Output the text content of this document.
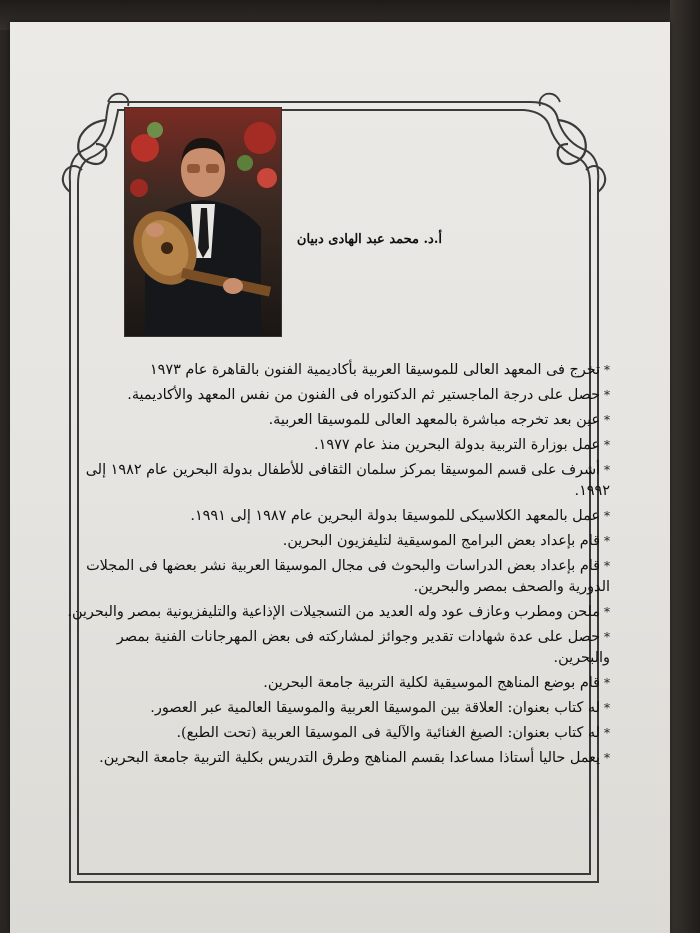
أ.د. محمد عبد الهادى دبيان
*تخرج فى المعهد العالى للموسيقا العربية بأكاديمية الفنون بالقاهرة عام ١٩٧٣
*حصل على درجة الماجستير ثم الدكتوراه فى الفنون من نفس المعهد والأكاديمية.
*عين بعد تخرجه مباشرة بالمعهد العالى للموسيقا العربية.
*عمل بوزارة التربية بدولة البحرين منذ عام ١٩٧٧.
*أشرف على قسم الموسيقا بمركز سلمان الثقافى للأطفال بدولة البحرين عام ١٩٨٢ إلى ١٩٩٢.
*عمل بالمعهد الكلاسيكى للموسيقا بدولة البحرين عام ١٩٨٧ إلى ١٩٩١.
*قام بإعداد بعض البرامج الموسيقية لتليفزيون البحرين.
*قام بإعداد بعض الدراسات والبحوث فى مجال الموسيقا العربية نشر بعضها فى المجلات الدورية والصحف بمصر والبحرين.
*ملحن ومطرب وعازف عود وله العديد من التسجيلات الإذاعية والتليفزيونية بمصر والبحرين.
*حصل على عدة شهادات تقدير وجوائز لمشاركته فى بعض المهرجانات الفنية بمصر والبحرين.
*قام بوضع المناهج الموسيقية لكلية التربية جامعة البحرين.
*له كتاب بعنوان: العلاقة بين الموسيقا العربية والموسيقا العالمية عبر العصور.
*له كتاب بعنوان: الصيغ الغنائية والآلية فى الموسيقا العربية (تحت الطبع).
*يعمل حاليا أستاذا مساعدا بقسم المناهج وطرق التدريس بكلية التربية جامعة البحرين.
